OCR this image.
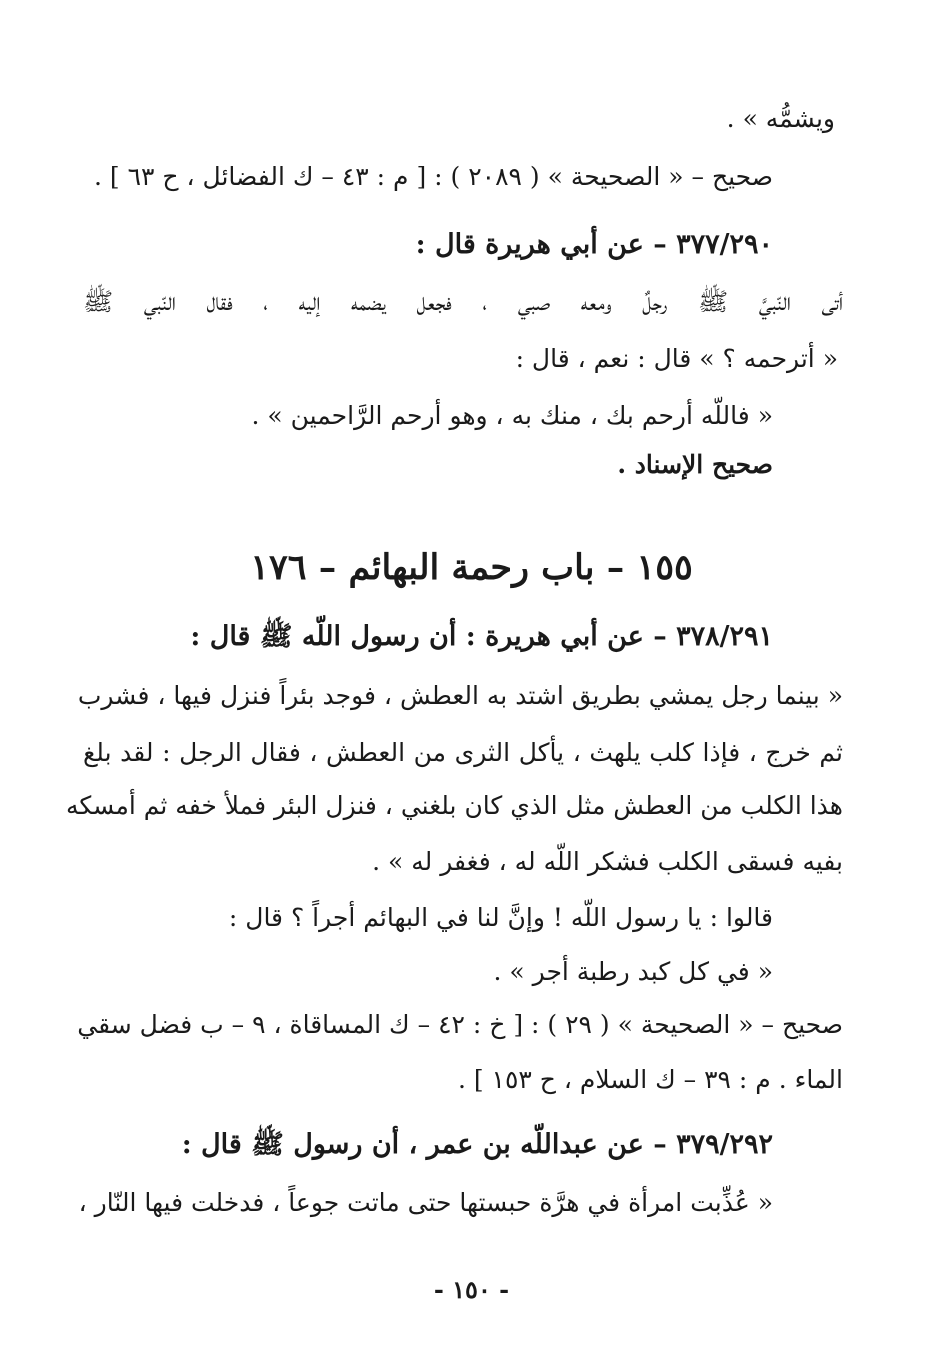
ويشمُّه » .
صحيح – « الصحيحة » ( ٢٠٨٩ ) : [ م : ٤٣ – ك الفضائل ، ح ٦٣ ] .
٣٧٧/٢٩٠ – عن أبي هريرة قال :
أتى النّبيَّ ﷺ رجلٌ ومعه صبي ، فجعل يضمه إليه ، فقال النّبي ﷺ
« أترحمه ؟ » قال : نعم ، قال :
« فاللّه أرحم بك ، منك به ، وهو أرحم الرَّاحمين » .
صحيح الإسناد .
١٥٥ – باب رحمة البهائم – ١٧٦
٣٧٨/٢٩١ – عن أبي هريرة : أن رسول اللّه ﷺ قال :
« بينما رجل يمشي بطريق اشتد به العطش ، فوجد بئراً فنزل فيها ، فشرب
ثم خرج ، فإذا كلب يلهث ، يأكل الثرى من العطش ، فقال الرجل : لقد بلغ
هذا الكلب من العطش مثل الذي كان بلغني ، فنزل البئر فملأ خفه ثم أمسكه
بفيه فسقى الكلب فشكر اللّه له ، فغفر له » .
قالوا : يا رسول اللّه ! وإنَّ لنا في البهائم أجراً ؟ قال :
« في كل كبد رطبة أجر » .
صحيح – « الصحيحة » ( ٢٩ ) : [ خ : ٤٢ – ك المساقاة ، ٩ – ب فضل سقي
الماء . م : ٣٩ – ك السلام ، ح ١٥٣ ] .
٣٧٩/٢٩٢ – عن عبداللّه بن عمر ، أن رسول ﷺ قال :
« عُذِّبت امرأة في هرَّة حبستها حتى ماتت جوعاً ، فدخلت فيها النّار ،
- ١٥٠ -
